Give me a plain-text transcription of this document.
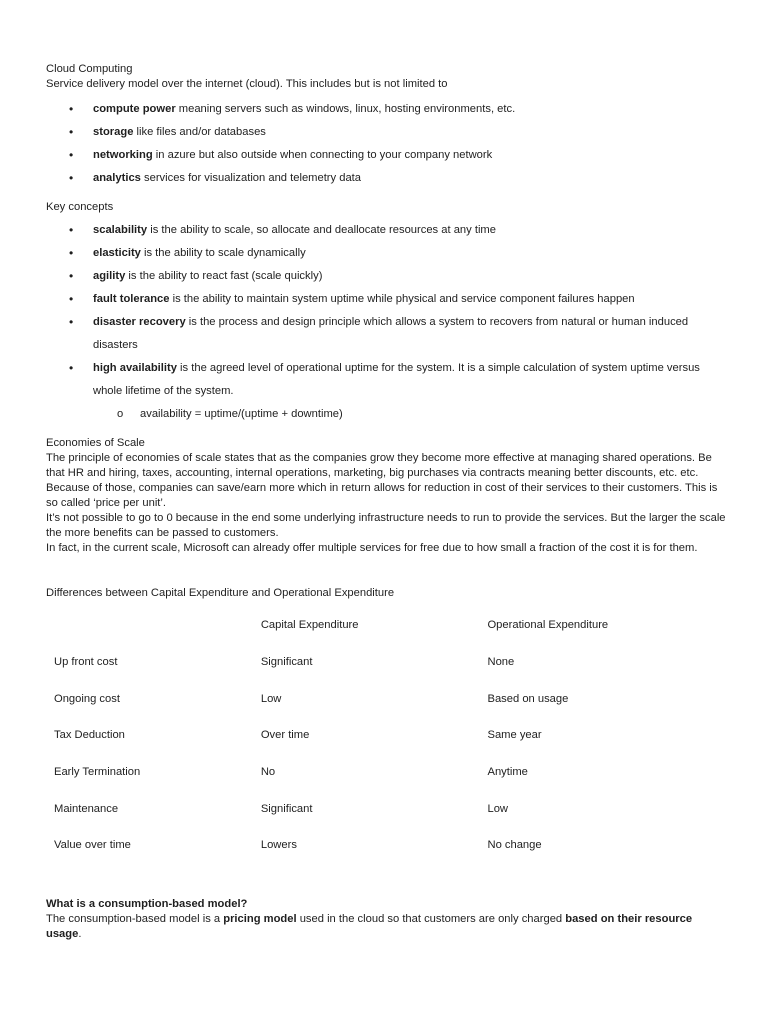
Cloud Computing
Service delivery model over the internet (cloud). This includes but is not limited to
• compute power meaning servers such as windows, linux, hosting environments, etc.
• storage like files and/or databases
• networking in azure but also outside when connecting to your company network
• analytics services for visualization and telemetry data
Key concepts
• scalability is the ability to scale, so allocate and deallocate resources at any time
• elasticity is the ability to scale dynamically
• agility is the ability to react fast (scale quickly)
• fault tolerance is the ability to maintain system uptime while physical and service component failures happen
• disaster recovery is the process and design principle which allows a system to recovers from natural or human induced disasters
• high availability is the agreed level of operational uptime for the system. It is a simple calculation of system uptime versus whole lifetime of the system.
o availability = uptime/(uptime + downtime)
Economies of Scale
The principle of economies of scale states that as the companies grow they become more effective at managing shared operations. Be that HR and hiring, taxes, accounting, internal operations, marketing, big purchases via contracts meaning better discounts, etc. etc.
Because of those, companies can save/earn more which in return allows for reduction in cost of their services to their customers. This is so called ‘price per unit’.
It’s not possible to go to 0 because in the end some underlying infrastructure needs to run to provide the services. But the larger the scale the more benefits can be passed to customers.
In fact, in the current scale, Microsoft can already offer multiple services for free due to how small a fraction of the cost it is for them.
Differences between Capital Expenditure and Operational Expenditure
	Capital Expenditure	Operational Expenditure
Up front cost	Significant	None
Ongoing cost	Low	Based on usage
Tax Deduction	Over time	Same year
Early Termination	No	Anytime
Maintenance	Significant	Low
Value over time	Lowers	No change
What is a consumption-based model?
The consumption-based model is a pricing model used in the cloud so that customers are only charged based on their resource usage.
